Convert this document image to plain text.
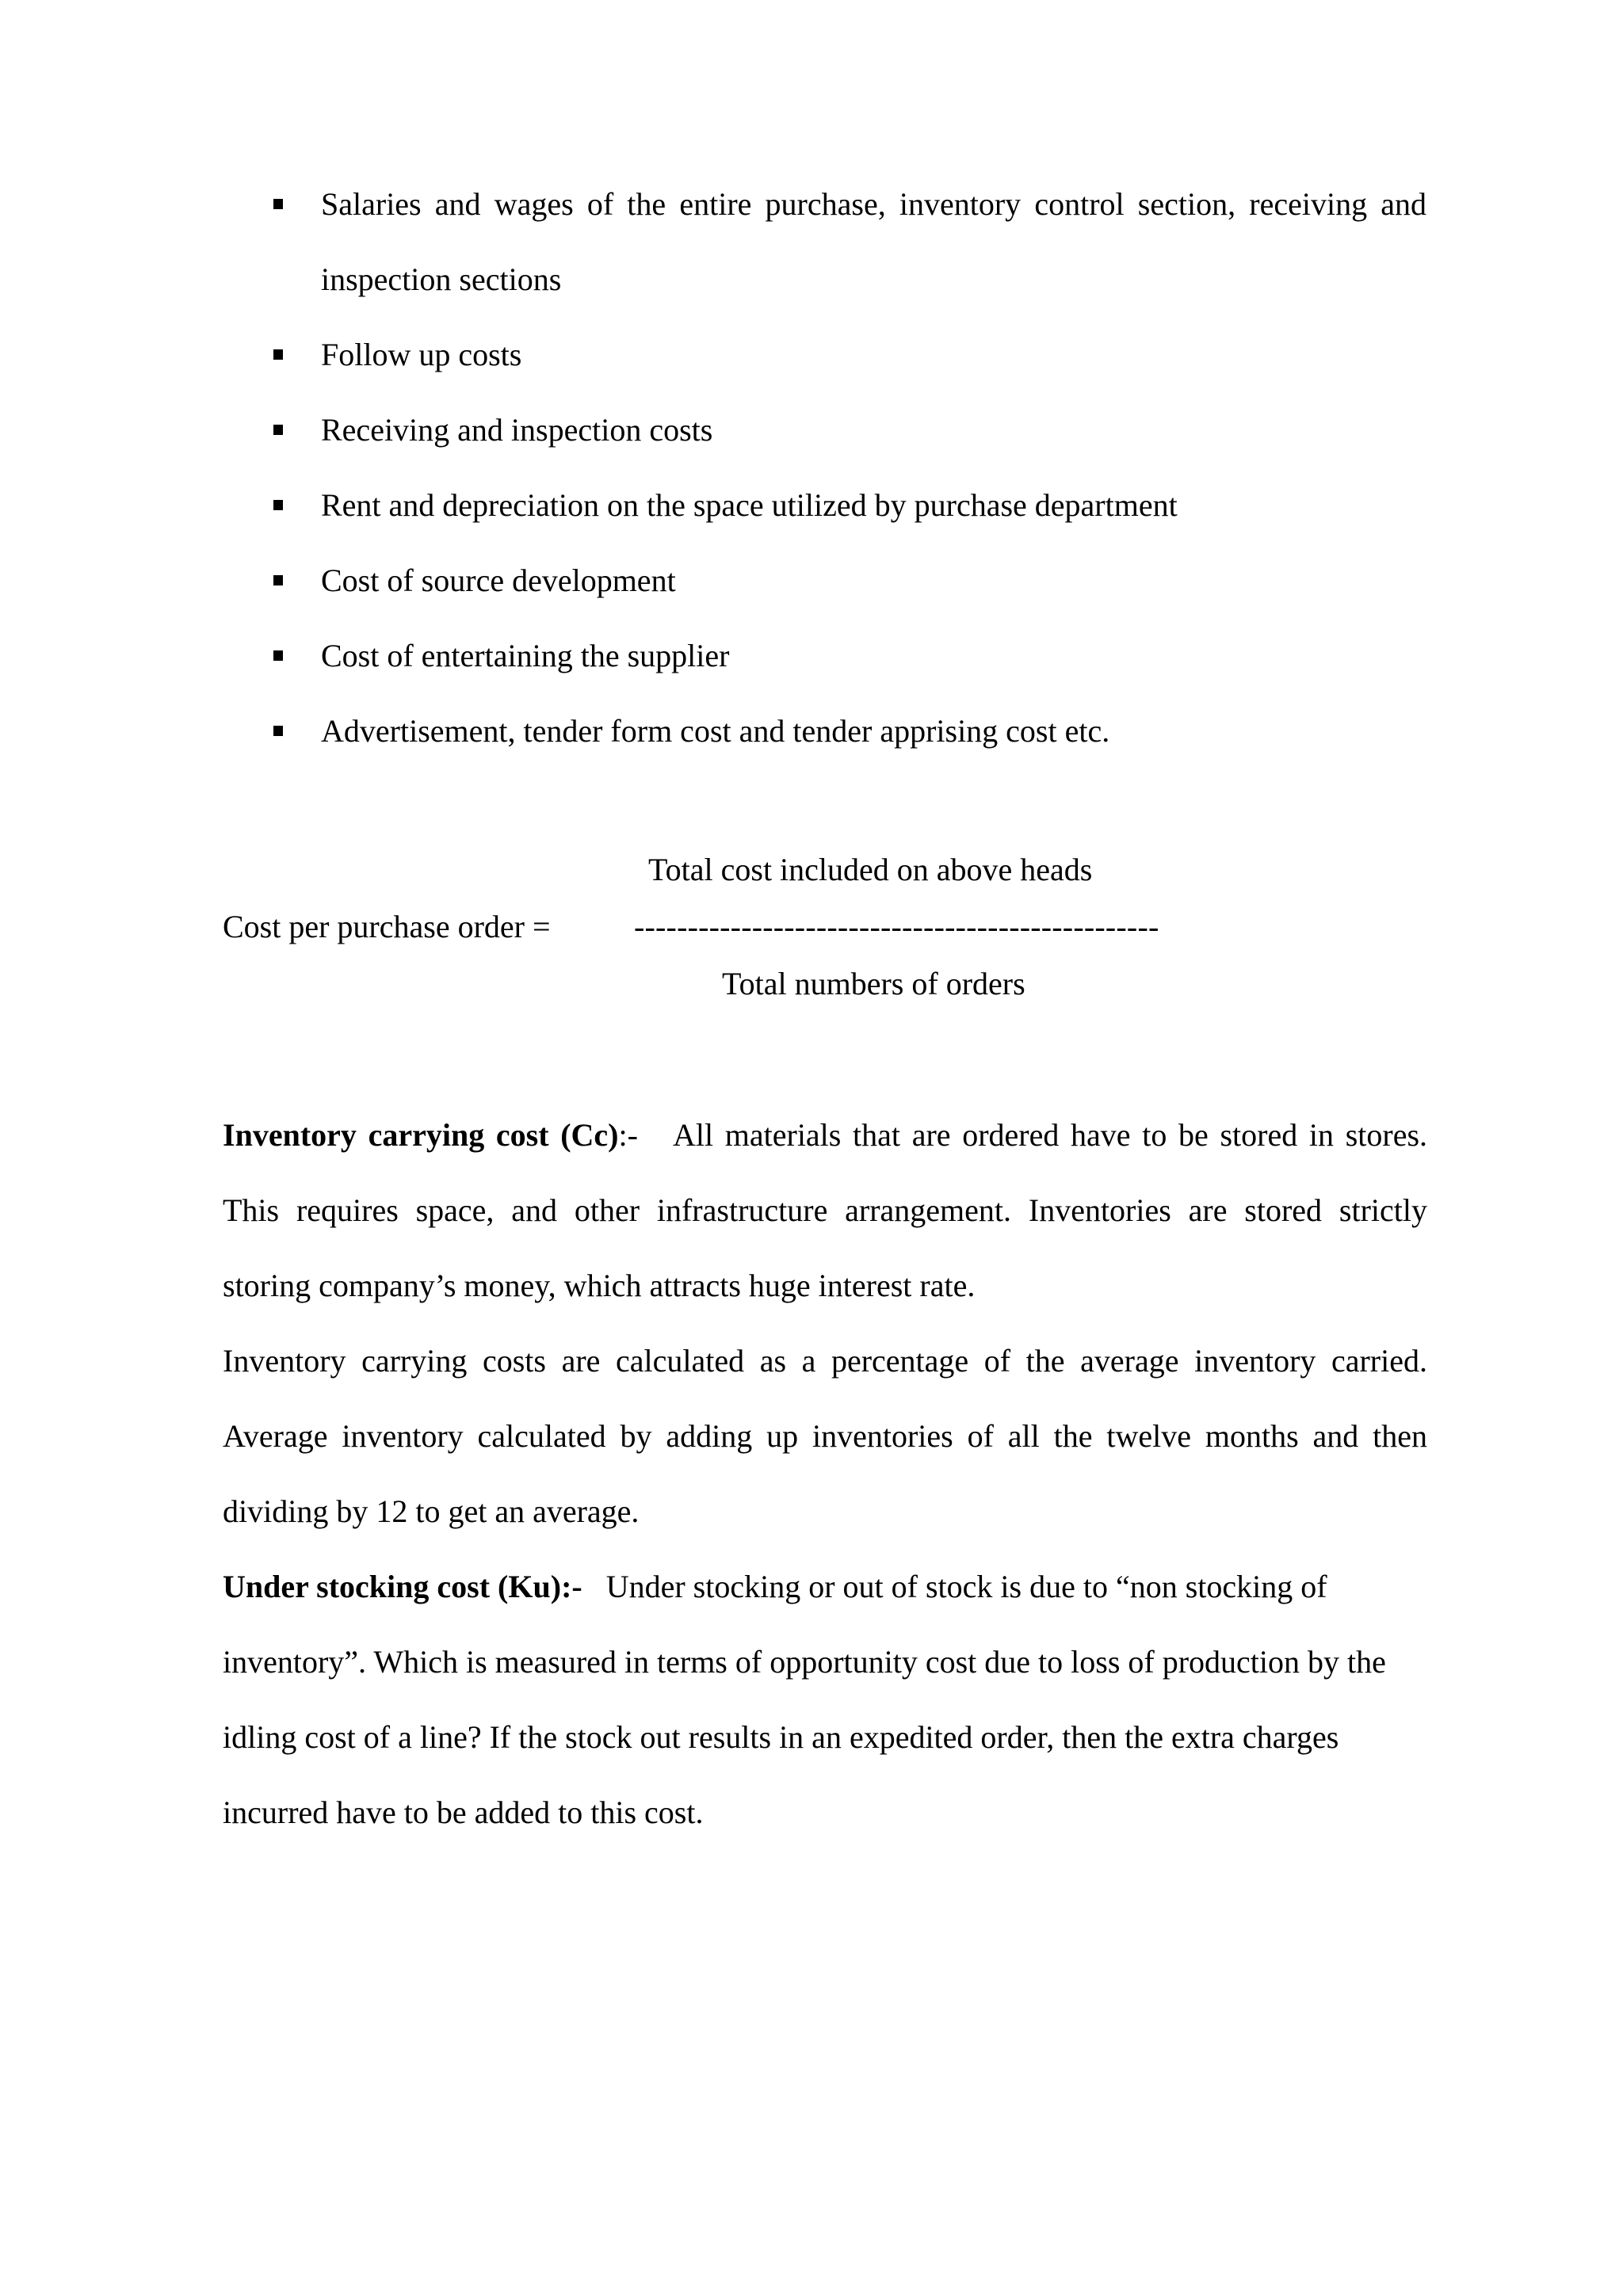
Salaries and wages of the entire purchase, inventory control section, receiving and inspection sections
Follow up costs
Receiving and inspection costs
Rent and depreciation on the space utilized by purchase department
Cost of source development
Cost of entertaining the supplier
Advertisement, tender form cost and tender apprising cost etc.
Total cost included on above heads
Cost per purchase order =	-------------------------------------------------
Total numbers of orders

Inventory carrying cost (Cc):- All materials that are ordered have to be stored in stores. This requires space, and other infrastructure arrangement. Inventories are stored strictly storing company’s money, which attracts huge interest rate.

Inventory carrying costs are calculated as a percentage of the average inventory carried. Average inventory calculated by adding up inventories of all the twelve months and then dividing by 12 to get an average.

Under stocking cost (Ku):- Under stocking or out of stock is due to “non stocking of inventory”. Which is measured in terms of opportunity cost due to loss of production by the idling cost of a line? If the stock out results in an expedited order, then the extra charges incurred have to be added to this cost.
